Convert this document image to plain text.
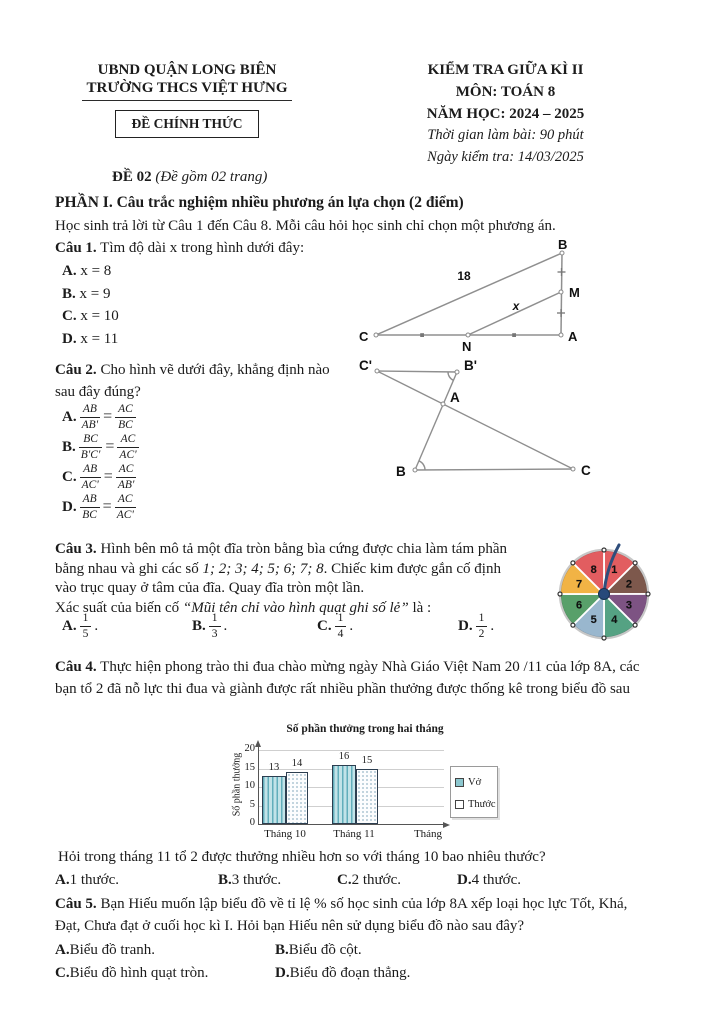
UBND QUẬN LONG BIÊN
TRƯỜNG THCS VIỆT HƯNG
ĐỀ CHÍNH THỨC
KIỂM TRA GIỮA KÌ II
MÔN: TOÁN 8
NĂM HỌC: 2024 – 2025
Thời gian làm bài: 90 phút
Ngày kiểm tra: 14/03/2025
ĐỀ 02 (Đề gồm 02 trang)
PHẦN I. Câu trắc nghiệm nhiều phương án lựa chọn (2 điểm)
Học sinh trả lời từ Câu 1 đến Câu 8. Mỗi câu hỏi học sinh chỉ chọn một phương án.
Câu 1. Tìm độ dài x trong hình dưới đây:
A. x = 8
B. x = 9
C. x = 10
D. x = 11
B
M
A
C
N
18
x
Câu 2. Cho hình vẽ dưới đây, khẳng định nào
sau đây đúng?
A. $\frac{AB}{AB'} = \frac{AC}{BC}$
B. $\frac{BC}{B'C'} = \frac{AC}{AC'}$
C. $\frac{AB}{AC'} = \frac{AC}{AB'}$
D. $\frac{AB}{BC} = \frac{AC}{AC'}$
C'	B'
A
B	C
Câu 3. Hình bên mô tả một đĩa tròn bằng bìa cứng được chia làm tám phần
bằng nhau và ghi các số 1; 2; 3; 4; 5; 6; 7; 8. Chiếc kim được gắn cố định
vào trục quay ở tâm của đĩa. Quay đĩa tròn một lần.
Xác suất của biến cố “Mũi tên chỉ vào hình quạt ghi số lẻ” là :
A. $\frac{1}{5}$ .	B. $\frac{1}{3}$ .	C. $\frac{1}{4}$ .	D. $\frac{1}{2}$ .
1
2
3
4
5
6
7
8
Câu 4. Thực hiện phong trào thi đua chào mừng ngày Nhà Giáo Việt Nam 20 /11 của lớp 8A, các
bạn tổ 2 đã nỗ lực thi đua và giành được rất nhiều phần thưởng được thống kê trong biểu đồ sau
Số phần thưởng trong hai tháng
Số phần thưởng
20
15
10
5
0
13 14
16 15
Tháng 10	Tháng 11	Tháng
Vở
Thước
Hỏi trong tháng 11 tổ 2 được thưởng nhiều hơn so với tháng 10 bao nhiêu thước?
A. 1 thước.	B. 3 thước.	C. 2 thước.	D. 4 thước.
Câu 5. Bạn Hiếu muốn lập biểu đồ về tỉ lệ % số học sinh của lớp 8A xếp loại học lực Tốt, Khá,
Đạt, Chưa đạt ở cuối học kì I. Hỏi bạn Hiếu nên sử dụng biểu đồ nào sau đây?
A. Biểu đồ tranh.	B. Biểu đồ cột.
C. Biểu đồ hình quạt tròn.	D. Biểu đồ đoạn thẳng.
